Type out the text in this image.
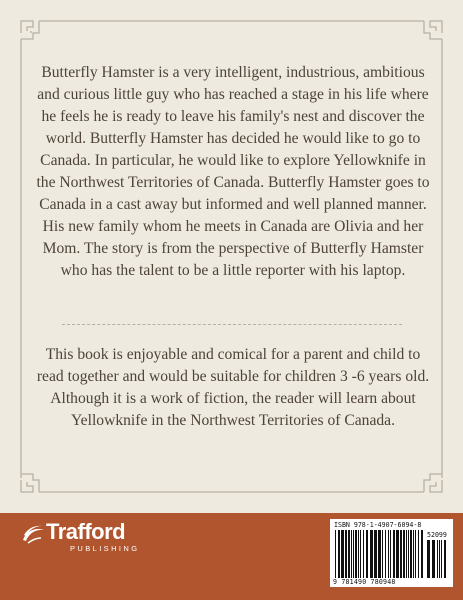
Butterfly Hamster is a very intelligent, industrious, ambitious and curious little guy who has reached a stage in his life where he feels he is ready to leave his family's nest and discover the world. Butterfly Hamster has decided he would like to go to Canada. In particular, he would like to explore Yellowknife in the Northwest Territories of Canada. Butterfly Hamster goes to Canada in a cast away but informed and well planned manner. His new family whom he meets in Canada are Olivia and her Mom. The story is from the perspective of Butterfly Hamster who has the talent to be a little reporter with his laptop.

This book is enjoyable and comical for a parent and child to read together and would be suitable for children 3 -6 years old. Although it is a work of fiction, the reader will learn about Yellowknife in the Northwest Territories of Canada.

Trafford
PUBLISHING
ISBN 978-1-4907-6094-8
52099
9 781490 780948
